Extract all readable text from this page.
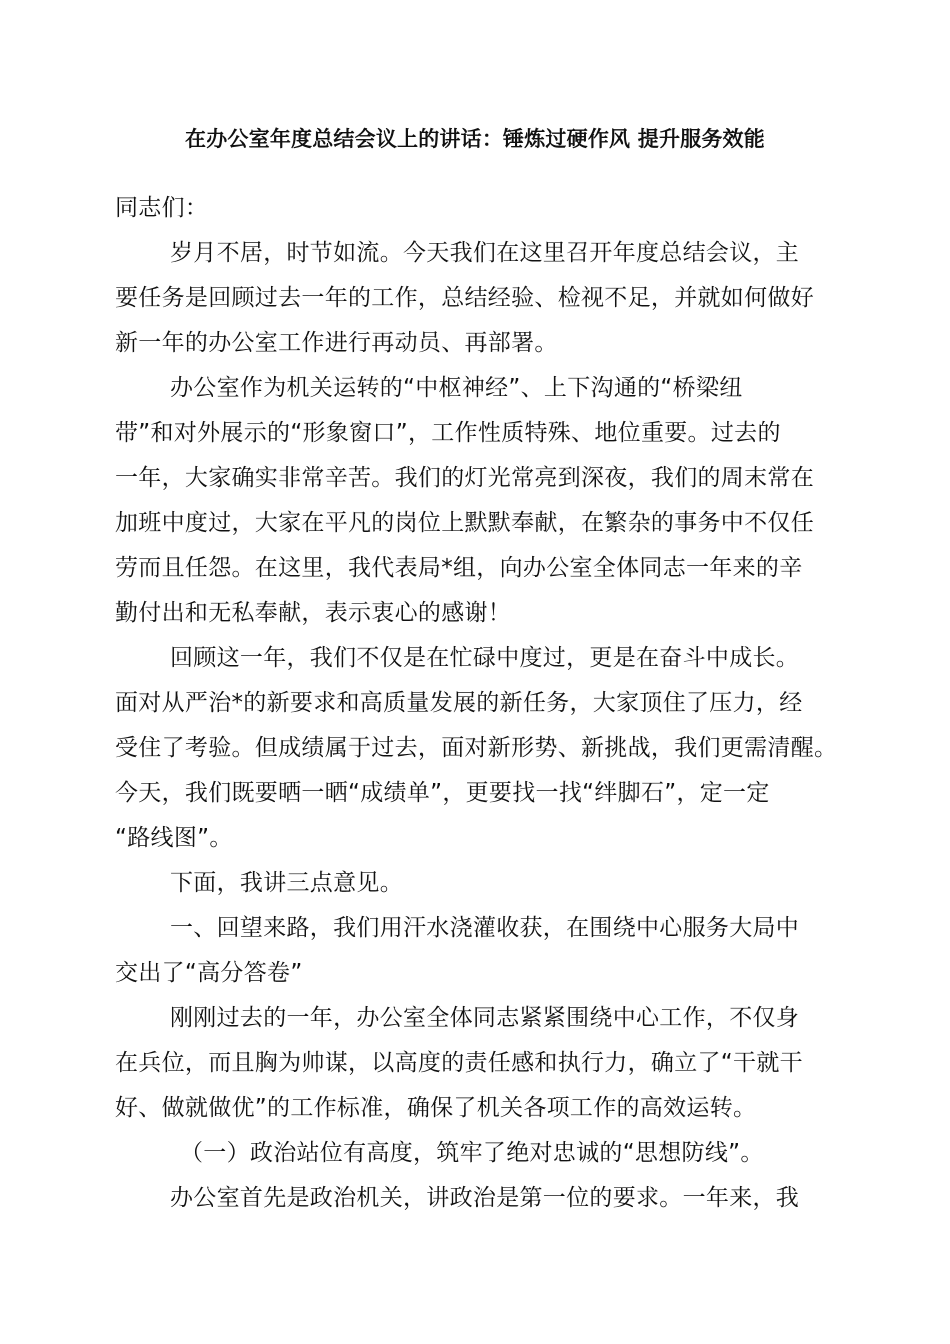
在办公室年度总结会议上的讲话：锤炼过硬作风 提升服务效能
同志们：
岁月不居，时节如流。今天我们在这里召开年度总结会议，主
要任务是回顾过去一年的工作，总结经验、检视不足，并就如何做好
新一年的办公室工作进行再动员、再部署。
办公室作为机关运转的“中枢神经”、上下沟通的“桥梁纽
带”和对外展示的“形象窗口”，工作性质特殊、地位重要。过去的
一年，大家确实非常辛苦。我们的灯光常亮到深夜，我们的周末常在
加班中度过，大家在平凡的岗位上默默奉献，在繁杂的事务中不仅任
劳而且任怨。在这里，我代表局*组，向办公室全体同志一年来的辛
勤付出和无私奉献，表示衷心的感谢！
回顾这一年，我们不仅是在忙碌中度过，更是在奋斗中成长。
面对从严治*的新要求和高质量发展的新任务，大家顶住了压力，经
受住了考验。但成绩属于过去，面对新形势、新挑战，我们更需清醒。
今天，我们既要晒一晒“成绩单”，更要找一找“绊脚石”，定一定
“路线图”。
下面，我讲三点意见。
一、回望来路，我们用汗水浇灌收获，在围绕中心服务大局中
交出了“高分答卷”
刚刚过去的一年，办公室全体同志紧紧围绕中心工作，不仅身
在兵位，而且胸为帅谋，以高度的责任感和执行力，确立了“干就干
好、做就做优”的工作标准，确保了机关各项工作的高效运转。
（一）政治站位有高度，筑牢了绝对忠诚的“思想防线”。
办公室首先是政治机关，讲政治是第一位的要求。一年来，我
